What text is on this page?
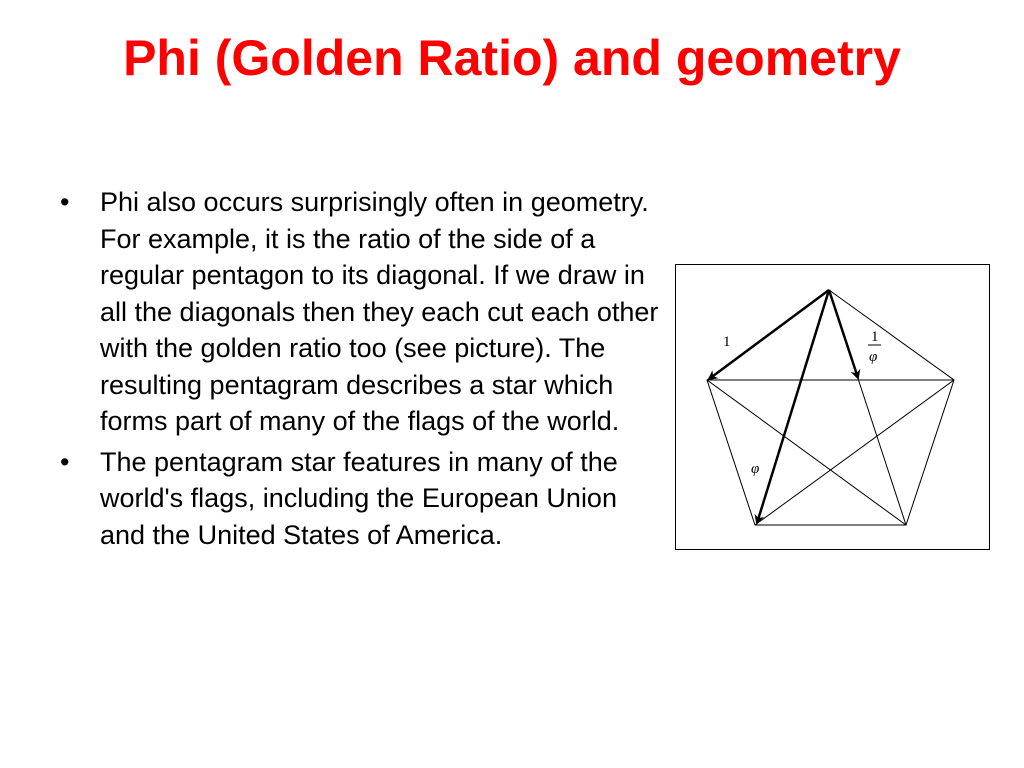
Phi (Golden Ratio) and geometry
• Phi also occurs surprisingly often in geometry. For example, it is the ratio of the side of a regular pentagon to its diagonal. If we draw in all the diagonals then they each cut each other with the golden ratio too (see picture). The resulting pentagram describes a star which forms part of many of the flags of the world.
• The pentagram star features in many of the world's flags, including the European Union and the United States of America.
1	1
φ
φ
